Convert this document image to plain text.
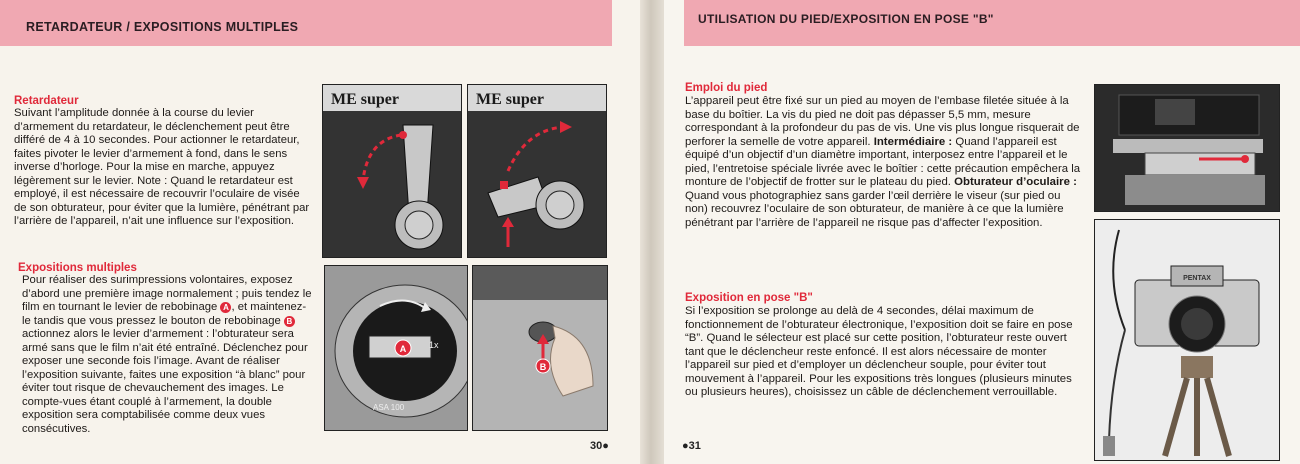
RETARDATEUR / EXPOSITIONS MULTIPLES
Retardateur

Suivant l’amplitude donnée à la course du levier d’armement du retardateur, le déclenchement peut être différé de 4 à 10 secondes. Pour actionner le retardateur, faites pivoter le levier d’armement à fond, dans le sens inverse d’horloge. Pour la mise en marche, appuyez légèrement sur le levier. Note : Quand le retardateur est employé, il est nécessaire de recouvrir l’oculaire de visée de son obturateur, pour éviter que la lumière, pénétrant par l’arrière de l’appareil, n’ait une influence sur l’exposition.

Expositions multiples

Pour réaliser des surimpressions volontaires, exposez d’abord une première image normalement ; puis tendez le film en tournant le levier de rebobinage A , et maintenez-le tandis que vous pressez le bouton de rebobinage B actionnez alors le levier d’armement : l’obturateur sera armé sans que le film n’ait été entraîné. Déclenchez pour exposer une seconde fois l’image. Avant de réaliser l’exposition suivante, faites une exposition “à blanc” pour éviter tout risque de chevauchement des images. Le compte-vues étant couplé à l’armement, la double exposition sera comptabilisée comme deux vues consécutives.

ME super	ME super
A	1x
ASA 100
B
30●
UTILISATION DU PIED/EXPOSITION EN POSE "B"
Emploi du pied

L’appareil peut être fixé sur un pied au moyen de l’embase filetée située à la base du boîtier. La vis du pied ne doit pas dépasser 5,5 mm, mesure correspondant à la profondeur du pas de vis. Une vis plus longue risquerait de perforer la semelle de votre appareil. Intermédiaire : Quand l’appareil est équipé d’un objectif d’un diamètre important, interposez entre l’appareil et le pied, l’entretoise spéciale livrée avec le boîtier : cette précaution empêchera la monture de l’objectif de frotter sur le plateau du pied. Obturateur d’oculaire : Quand vous photographiez sans garder l’œil derrière le viseur (sur pied ou non) recouvrez l’oculaire de son obturateur, de manière à ce que la lumière pénétrant par l’arrière de l’appareil ne risque pas d’affecter l’exposition.

Exposition en pose "B"

Si l’exposition se prolonge au delà de 4 secondes, délai maximum de fonctionnement de l’obturateur électronique, l’exposition doit se faire en pose “B”. Quand le sélecteur est placé sur cette position, l’obturateur reste ouvert tant que le déclencheur reste enfoncé. Il est alors nécessaire de monter l’appareil sur pied et d’employer un déclencheur souple, pour éviter tout mouvement à l’appareil. Pour les expositions très longues (plusieurs minutes ou plusieurs heures), choisissez un câble de déclenchement verrouillable.

PENTAX
●31
